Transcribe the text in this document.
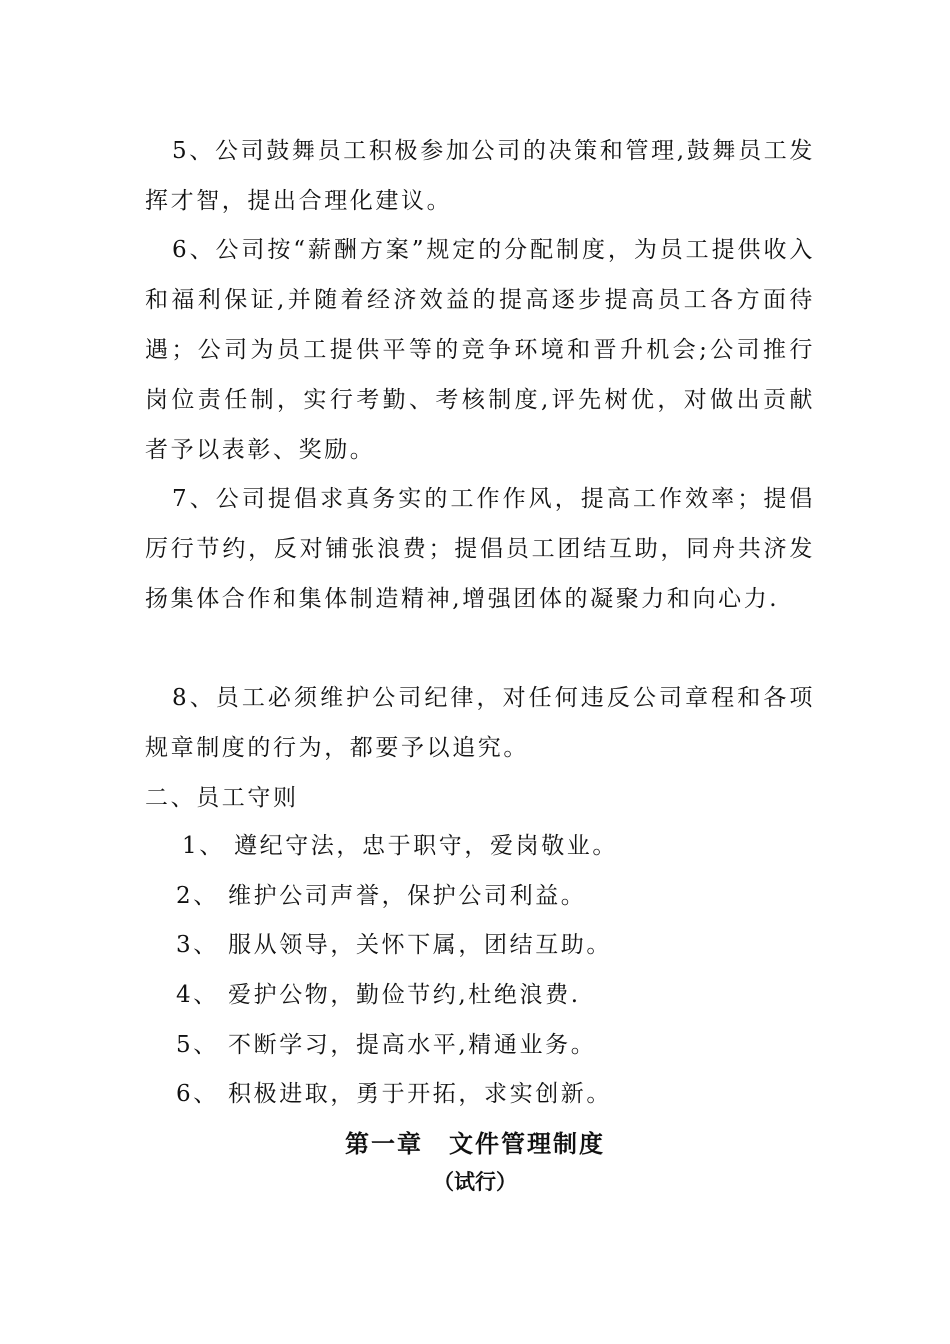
5、公司鼓舞员工积极参加公司的决策和管理,鼓舞员工发挥才智，提出合理化建议。

6、公司按“薪酬方案”规定的分配制度，为员工提供收入和福利保证,并随着经济效益的提高逐步提高员工各方面待遇；公司为员工提供平等的竞争环境和晋升机会;公司推行岗位责任制，实行考勤、考核制度,评先树优，对做出贡献者予以表彰、奖励。

7、公司提倡求真务实的工作作风，提高工作效率；提倡厉行节约，反对铺张浪费；提倡员工团结互助，同舟共济发扬集体合作和集体制造精神,增强团体的凝聚力和向心力.

8、员工必须维护公司纪律，对任何违反公司章程和各项规章制度的行为，都要予以追究。

二、员工守则
1、 遵纪守法，忠于职守，爱岗敬业。
2、 维护公司声誉，保护公司利益。
3、 服从领导，关怀下属，团结互助。
4、 爱护公物，勤俭节约,杜绝浪费.
5、 不断学习，提高水平,精通业务。
6、 积极进取，勇于开拓，求实创新。
第一章　文件管理制度
（试行）
